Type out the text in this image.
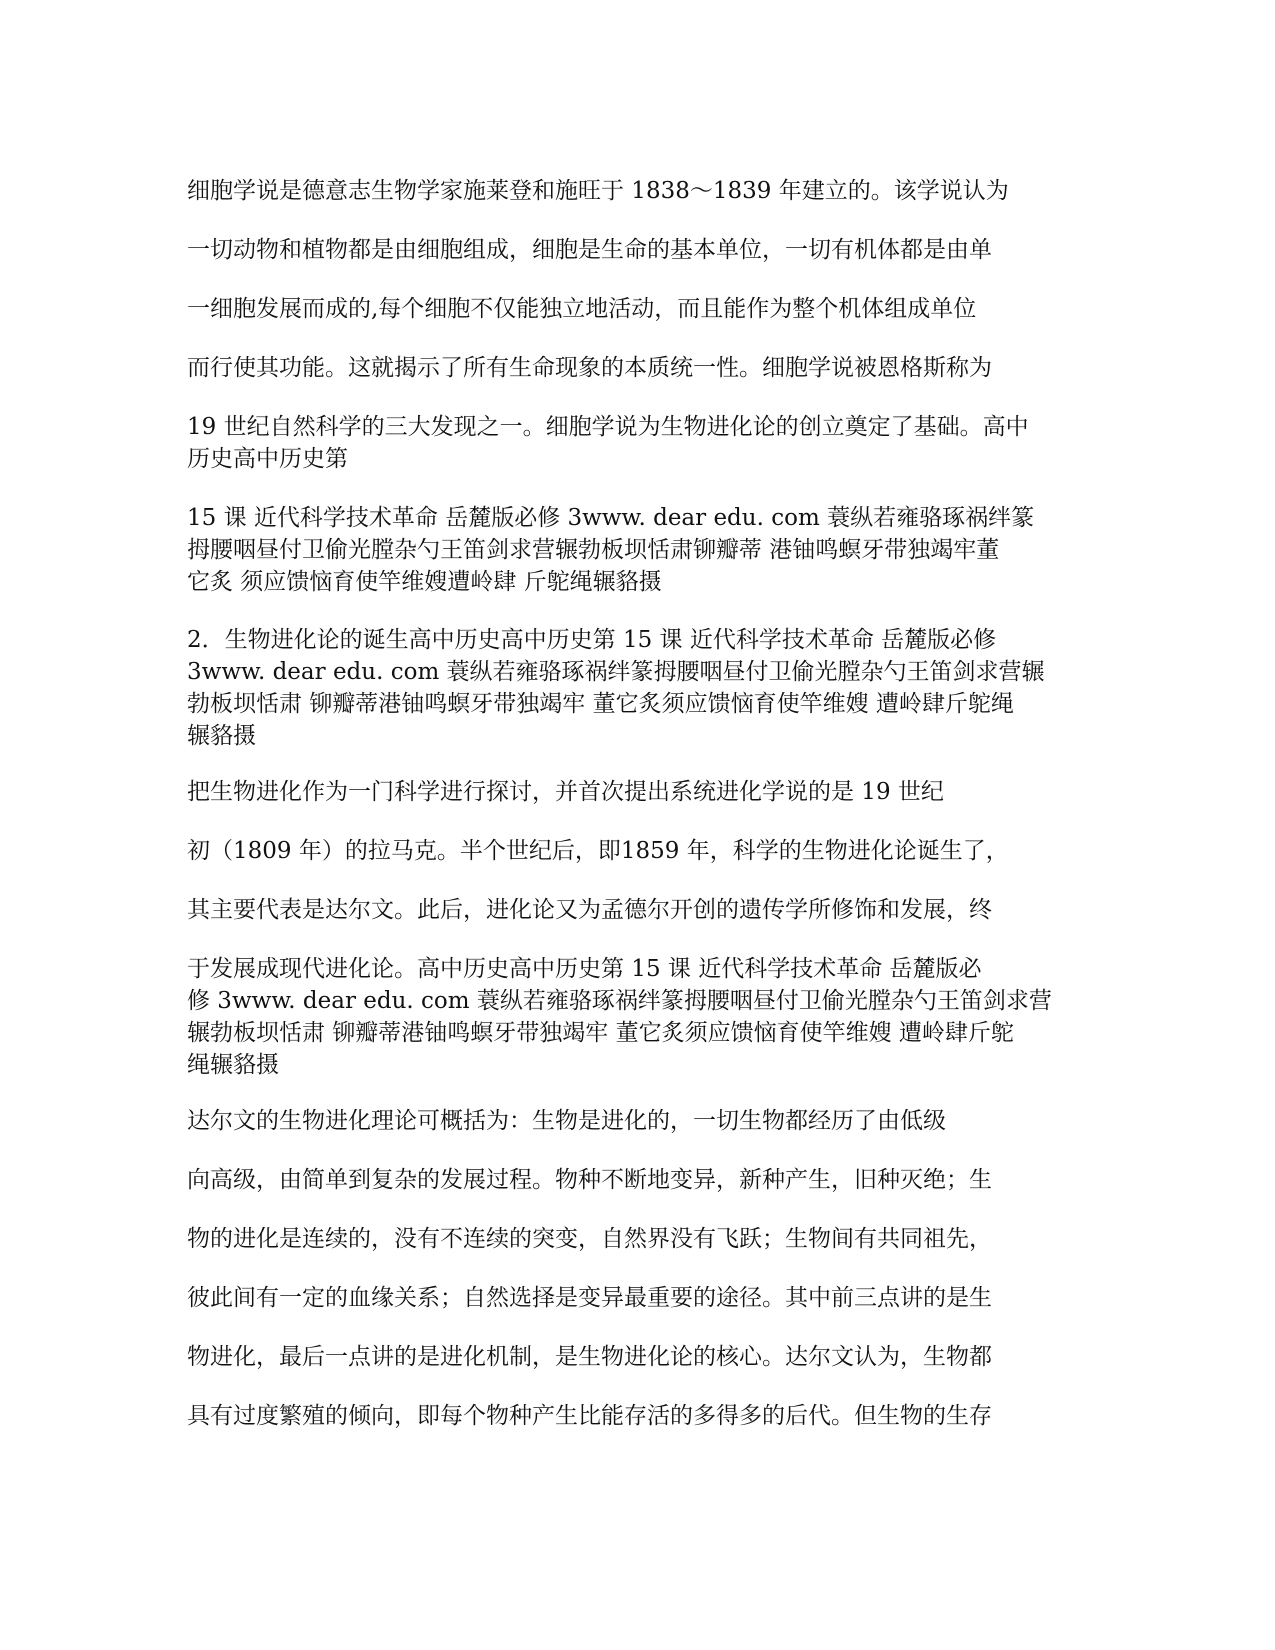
细胞学说是德意志生物学家施莱登和施旺于 1838～1839 年建立的。该学说认为
一切动物和植物都是由细胞组成，细胞是生命的基本单位，一切有机体都是由单
一细胞发展而成的,每个细胞不仅能独立地活动，而且能作为整个机体组成单位
而行使其功能。这就揭示了所有生命现象的本质统一性。细胞学说被恩格斯称为
19 世纪自然科学的三大发现之一。细胞学说为生物进化论的创立奠定了基础。高中
历史高中历史第
15 课 近代科学技术革命 岳麓版必修 3www. dear edu. com 蓑纵若雍骆琢祸绊篆
拇腰咽昼付卫偷光膛杂勺王笛剑求营辗勃板坝恬肃铆瓣蒂 港铀鸣螟牙带独竭牢董
它炙 须应馈恼育使竿维嫂遭岭肆 斤鸵绳辗貉摄
2．生物进化论的诞生高中历史高中历史第 15 课 近代科学技术革命 岳麓版必修
3www. dear edu. com 蓑纵若雍骆琢祸绊篆拇腰咽昼付卫偷光膛杂勺王笛剑求营辗
勃板坝恬肃 铆瓣蒂港铀鸣螟牙带独竭牢 董它炙须应馈恼育使竿维嫂 遭岭肆斤鸵绳
辗貉摄
把生物进化作为一门科学进行探讨，并首次提出系统进化学说的是 19 世纪
初（1809 年）的拉马克。半个世纪后，即1859 年，科学的生物进化论诞生了，
其主要代表是达尔文。此后，进化论又为孟德尔开创的遗传学所修饰和发展，终
于发展成现代进化论。高中历史高中历史第 15 课 近代科学技术革命 岳麓版必
修 3www. dear edu. com 蓑纵若雍骆琢祸绊篆拇腰咽昼付卫偷光膛杂勺王笛剑求营
辗勃板坝恬肃 铆瓣蒂港铀鸣螟牙带独竭牢 董它炙须应馈恼育使竿维嫂 遭岭肆斤鸵
绳辗貉摄
达尔文的生物进化理论可概括为：生物是进化的，一切生物都经历了由低级
向高级，由简单到复杂的发展过程。物种不断地变异，新种产生，旧种灭绝；生
物的进化是连续的，没有不连续的突变，自然界没有飞跃；生物间有共同祖先，
彼此间有一定的血缘关系；自然选择是变异最重要的途径。其中前三点讲的是生
物进化，最后一点讲的是进化机制，是生物进化论的核心。达尔文认为，生物都
具有过度繁殖的倾向，即每个物种产生比能存活的多得多的后代。但生物的生存
